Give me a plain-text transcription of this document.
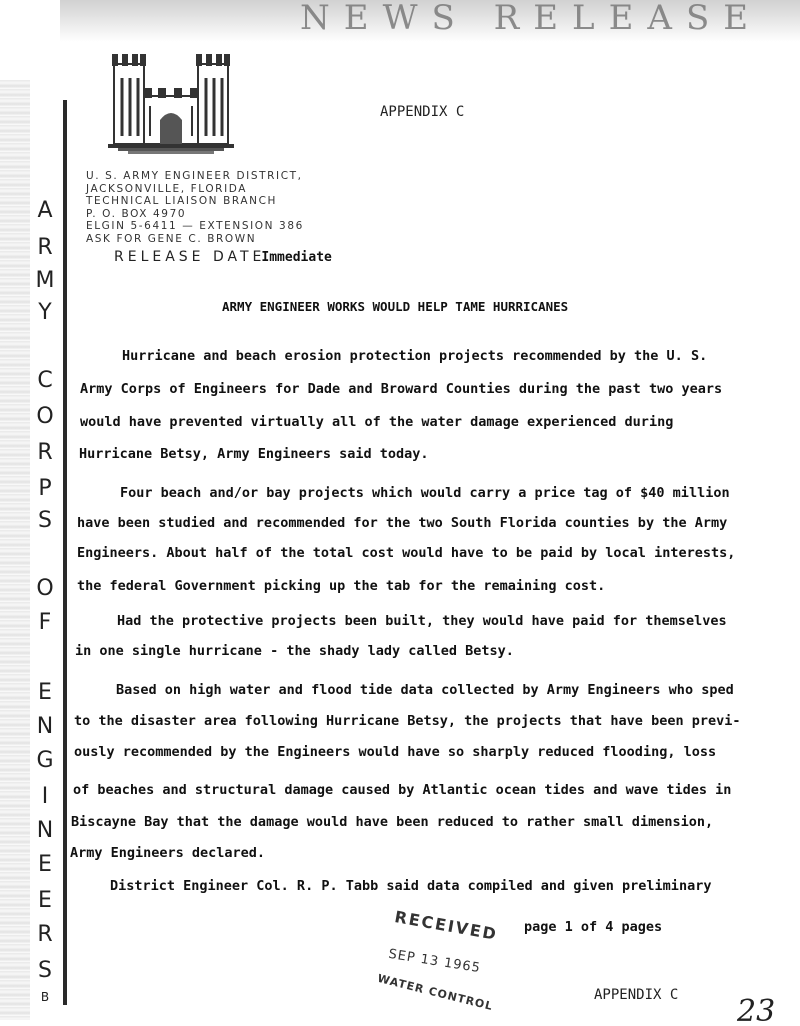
NEWS RELEASE
A
R
M
Y
C
O
R
P
S
O
F
E
N
G
I
N
E
E
R
S
B
APPENDIX C
U. S. ARMY ENGINEER DISTRICT,
JACKSONVILLE, FLORIDA
TECHNICAL LIAISON BRANCH
P. O. BOX 4970
ELGIN 5-6411 — EXTENSION 386
ASK FOR GENE C. BROWN
RELEASE DATEImmediate
ARMY ENGINEER WORKS WOULD HELP TAME HURRICANES
Hurricane and beach erosion protection projects recommended by the U. S.
Army Corps of Engineers for Dade and Broward Counties during the past two years
would have prevented virtually all of the water damage experienced during
Hurricane Betsy, Army Engineers said today.
Four beach and/or bay projects which would carry a price tag of $40 million
have been studied and recommended for the two South Florida counties by the Army
Engineers. About half of the total cost would have to be paid by local interests,
the federal Government picking up the tab for the remaining cost.
Had the protective projects been built, they would have paid for themselves
in one single hurricane - the shady lady called Betsy.
Based on high water and flood tide data collected by Army Engineers who sped
to the disaster area following Hurricane Betsy, the projects that have been previ-
ously recommended by the Engineers would have so sharply reduced flooding, loss
of beaches and structural damage caused by Atlantic ocean tides and wave tides in
Biscayne Bay that the damage would have been reduced to rather small dimension,
Army Engineers declared.
District Engineer Col. R. P. Tabb said data compiled and given preliminary
page 1 of 4 pages
RECEIVED
SEP 13 1965
WATER CONTROL	APPENDIX C 23
